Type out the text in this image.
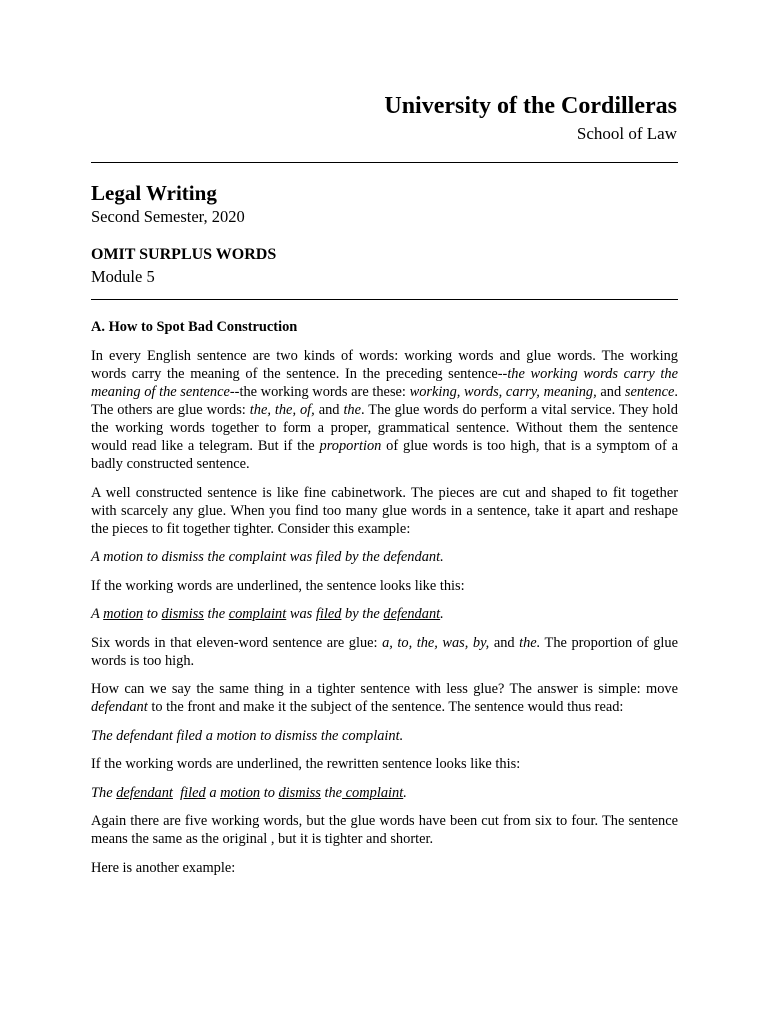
University of the Cordilleras
School of Law
Legal Writing
Second Semester, 2020
OMIT SURPLUS WORDS
Module 5
A. How to Spot Bad Construction

In every English sentence are two kinds of words: working words and glue words. The working words carry the meaning of the sentence. In the preceding sentence--the working words carry the meaning of the sentence--the working words are these: working, words, carry, meaning, and sentence. The others are glue words: the, the, of, and the. The glue words do perform a vital service. They hold the working words together to form a proper, grammatical sentence. Without them the sentence would read like a telegram. But if the proportion of glue words is too high, that is a symptom of a badly constructed sentence.

A well constructed sentence is like fine cabinetwork. The pieces are cut and shaped to fit together with scarcely any glue. When you find too many glue words in a sentence, take it apart and reshape the pieces to fit together tighter. Consider this example:

A motion to dismiss the complaint was filed by the defendant.

If the working words are underlined, the sentence looks like this:

A motion to dismiss the complaint was filed by the defendant.

Six words in that eleven-word sentence are glue: a, to, the, was, by, and the. The proportion of glue words is too high.

How can we say the same thing in a tighter sentence with less glue? The answer is simple: move defendant to the front and make it the subject of the sentence. The sentence would thus read:

The defendant filed a motion to dismiss the complaint.

If the working words are underlined, the rewritten sentence looks like this:

The defendant filed a motion to dismiss the complaint.

Again there are five working words, but the glue words have been cut from six to four. The sentence means the same as the original , but it is tighter and shorter.

Here is another example:
